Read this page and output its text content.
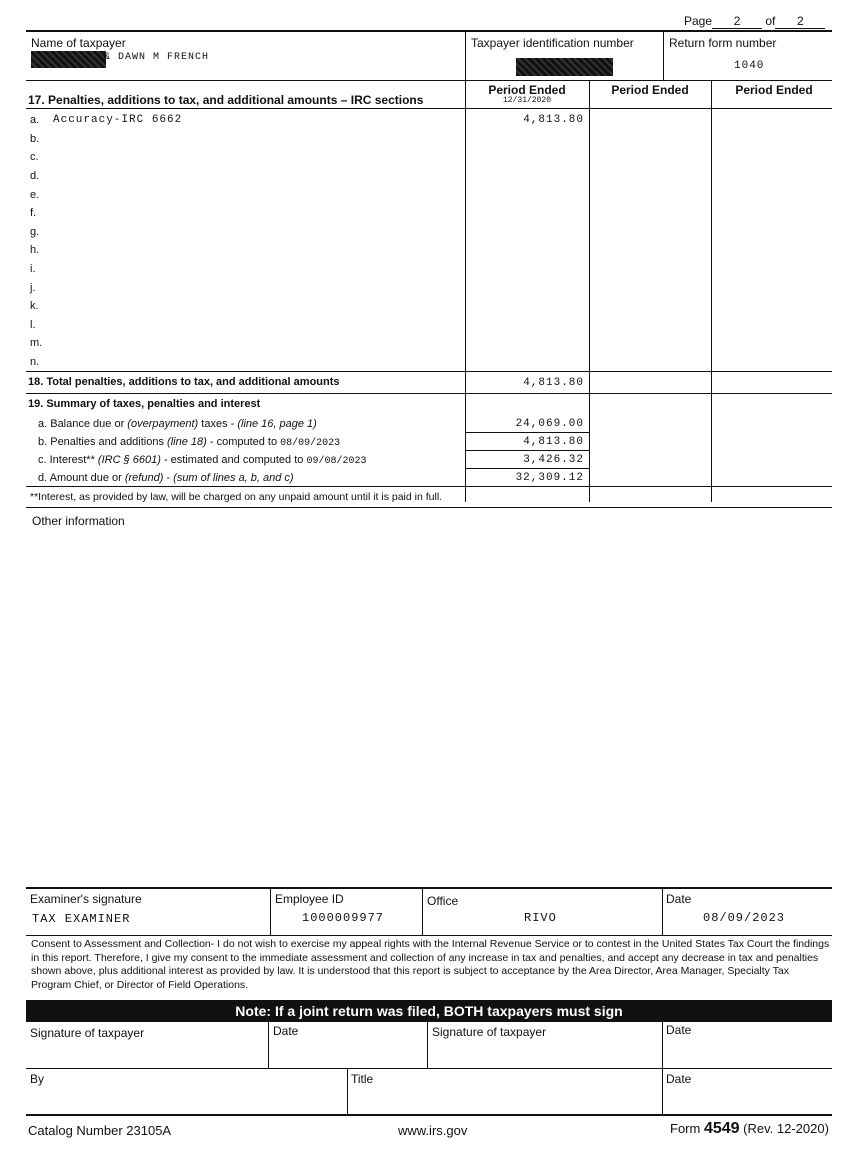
Page 2 of 2
Name of taxpayer
& DAWN M FRENCH
Taxpayer identification number	Return form number
1040
17. Penalties, additions to tax, and additional amounts – IRC sections
Period Ended
12/31/2020
Period Ended	Period Ended
a. Accuracy-IRC 6662	4,813.80
b.
c.
d.
e.
f.
g.
h.
i.
j.
k.
l.
m.
n.
18. Total penalties, additions to tax, and additional amounts	4,813.80
19. Summary of taxes, penalties and interest
a. Balance due or (overpayment) taxes - (line 16, page 1)	24,069.00
b. Penalties and additions (line 18) - computed to 08/09/2023	4,813.80
c. Interest** (IRC § 6601) - estimated and computed to 09/08/2023	3,426.32
d. Amount due or (refund) - (sum of lines a, b, and c)	32,309.12
**Interest, as provided by law, will be charged on any unpaid amount until it is paid in full.
Other information
Examiner's signature
TAX EXAMINER
Employee ID
1000009977
Office
RIVO
Date
08/09/2023
Consent to Assessment and Collection- I do not wish to exercise my appeal rights with the Internal Revenue Service or to contest in the United States Tax Court the findings in this report. Therefore, I give my consent to the immediate assessment and collection of any increase in tax and penalties, and accept any decrease in tax and penalties shown above, plus additional interest as provided by law. It is understood that this report is subject to acceptance by the Area Director, Area Manager, Specialty Tax Program Chief, or Director of Field Operations.
Note: If a joint return was filed, BOTH taxpayers must sign
Signature of taxpayer	Date	Signature of taxpayer	Date
By	Title	Date
Catalog Number 23105A	www.irs.gov	Form 4549 (Rev. 12-2020)
